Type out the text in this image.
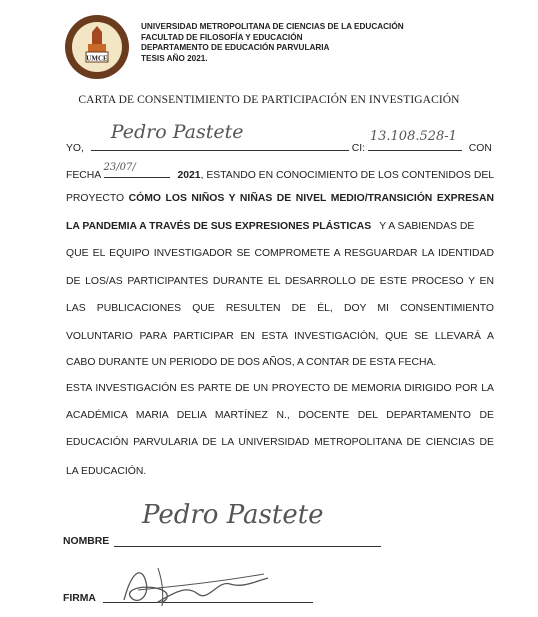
UMCE
UNIVERSIDAD METROPOLITANA DE CIENCIAS DE LA EDUCACIÓN
FACULTAD DE FILOSOFÍA Y EDUCACIÓN
DEPARTAMENTO DE EDUCACIÓN PARVULARIA
TESIS AÑO 2021.
CARTA DE CONSENTIMIENTO DE PARTICIPACIÓN EN INVESTIGACIÓN
YO,
Pedro Pastete
CI:
13.108.528-1
CON
FECHA
23/07/
2021, ESTANDO EN CONOCIMIENTO DE LOS CONTENIDOS DEL
PROYECTO CÓMO LOS NIÑOS Y NIÑAS DE NIVEL MEDIO/TRANSICIÓN EXPRESAN
LA PANDEMIA A TRAVÉS DE SUS EXPRESIONES PLÁSTICAS Y A SABIENDAS DE
QUE EL EQUIPO INVESTIGADOR SE COMPROMETE A RESGUARDAR LA IDENTIDAD
DE LOS/AS PARTICIPANTES DURANTE EL DESARROLLO DE ESTE PROCESO Y EN
LAS PUBLICACIONES QUE RESULTEN DE ÉL, DOY MI CONSENTIMIENTO
VOLUNTARIO PARA PARTICIPAR EN ESTA INVESTIGACIÓN, QUE SE LLEVARÁ A
CABO DURANTE UN PERIODO DE DOS AÑOS, A CONTAR DE ESTA FECHA.
ESTA INVESTIGACIÓN ES PARTE DE UN PROYECTO DE MEMORIA DIRIGIDO POR LA
ACADÉMICA MARIA DELIA MARTÍNEZ N., DOCENTE DEL DEPARTAMENTO DE
EDUCACIÓN PARVULARIA DE LA UNIVERSIDAD METROPOLITANA DE CIENCIAS DE
LA EDUCACIÓN.
NOMBRE
Pedro Pastete
FIRMA
